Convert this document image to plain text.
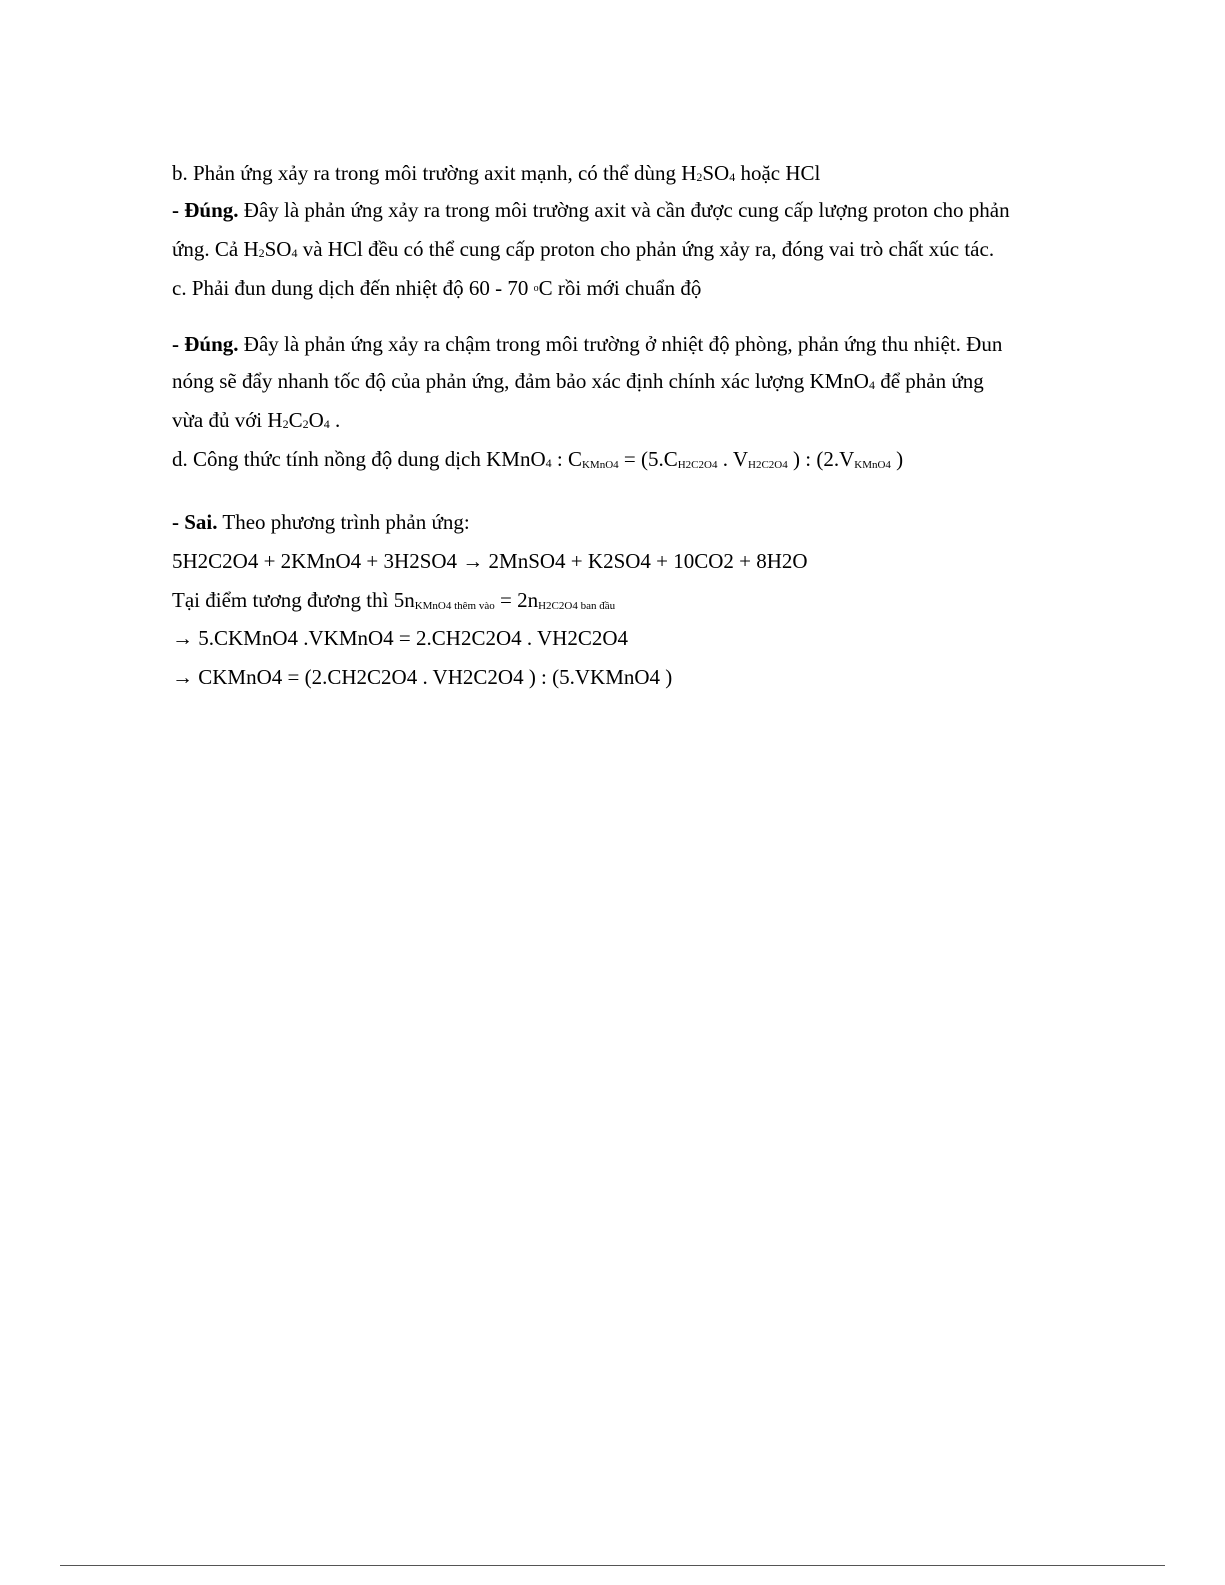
b. Phản ứng xảy ra trong môi trường axit mạnh, có thể dùng $H_2SO_4$ hoặc HCl
- Đúng. Đây là phản ứng xảy ra trong môi trường axit và cần được cung cấp lượng proton cho phản
ứng. Cả $H_2SO_4$ và HCl đều có thể cung cấp proton cho phản ứng xảy ra, đóng vai trò chất xúc tác.
c. Phải đun dung dịch đến nhiệt độ 60 - 70 $^o$C rồi mới chuẩn độ
- Đúng. Đây là phản ứng xảy ra chậm trong môi trường ở nhiệt độ phòng, phản ứng thu nhiệt. Đun
nóng sẽ đẩy nhanh tốc độ của phản ứng, đảm bảo xác định chính xác lượng KMnO$_4$ để phản ứng
vừa đủ với $H_2C_2O_4$ .
d. Công thức tính nồng độ dung dịch KMnO$_4$ : $C_{KMnO4} = (5.C_{H2C2O4}$ . $V_{H2C2O4}$ ) : ($2.V_{KMnO4}$ )
- Sai. Theo phương trình phản ứng:
5H2C2O4 + 2KMnO4 + 3H2SO4 → 2MnSO4 + K2SO4 + 10CO2 + 8H2O
Tại điểm tương đương thì $5n_{KMnO4 thêm vào} = 2n_{H2C2O4 ban đầu}$
→ 5.CKMnO4 .VKMnO4 = 2.CH2C2O4 . VH2C2O4
→ CKMnO4 = (2.CH2C2O4 . VH2C2O4 ) : (5.VKMnO4 )
